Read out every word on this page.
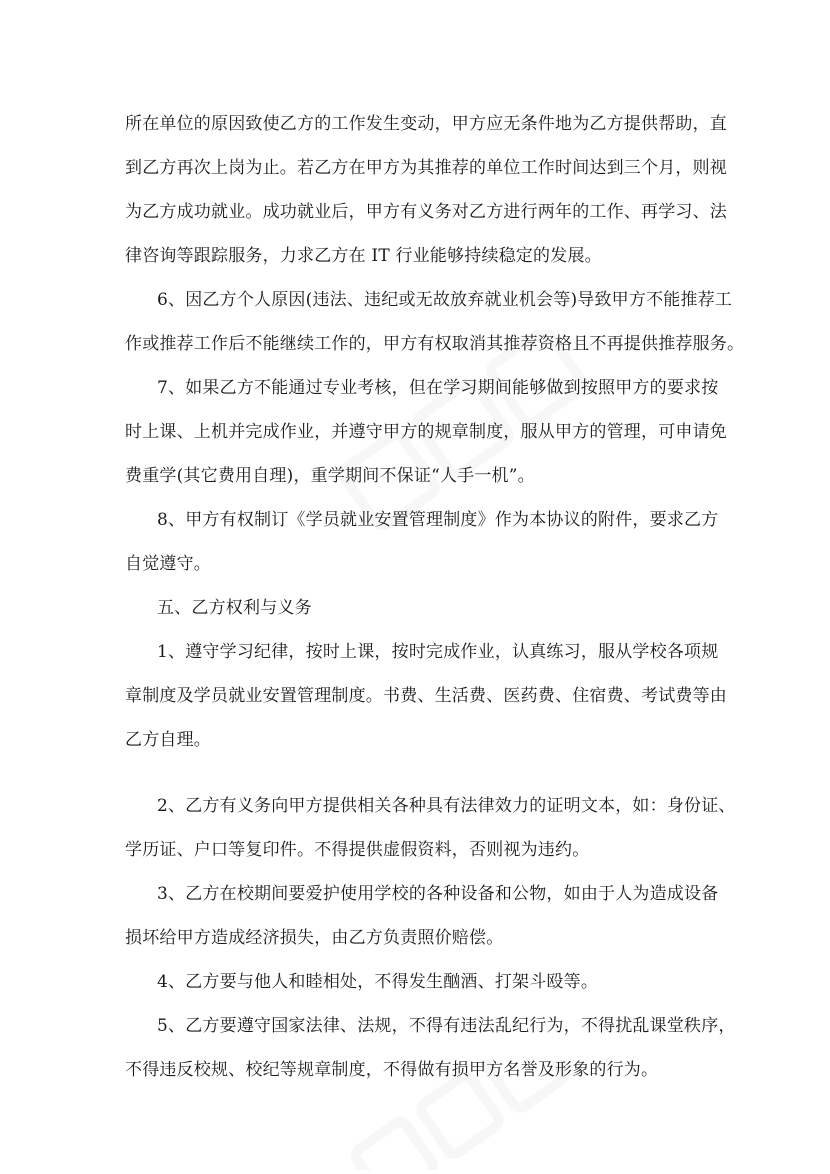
所在单位的原因致使乙方的工作发生变动，甲方应无条件地为乙方提供帮助，直
到乙方再次上岗为止。若乙方在甲方为其推荐的单位工作时间达到三个月，则视
为乙方成功就业。成功就业后，甲方有义务对乙方进行两年的工作、再学习、法
律咨询等跟踪服务，力求乙方在 IT 行业能够持续稳定的发展。
6、因乙方个人原因(违法、违纪或无故放弃就业机会等)导致甲方不能推荐工
作或推荐工作后不能继续工作的，甲方有权取消其推荐资格且不再提供推荐服务。
7、如果乙方不能通过专业考核，但在学习期间能够做到按照甲方的要求按
时上课、上机并完成作业，并遵守甲方的规章制度，服从甲方的管理，可申请免
费重学(其它费用自理)，重学期间不保证“人手一机”。
8、甲方有权制订《学员就业安置管理制度》作为本协议的附件，要求乙方
自觉遵守。
五、乙方权利与义务
1、遵守学习纪律，按时上课，按时完成作业，认真练习，服从学校各项规
章制度及学员就业安置管理制度。书费、生活费、医药费、住宿费、考试费等由
乙方自理。
2、乙方有义务向甲方提供相关各种具有法律效力的证明文本，如：身份证、
学历证、户口等复印件。不得提供虚假资料，否则视为违约。
3、乙方在校期间要爱护使用学校的各种设备和公物，如由于人为造成设备
损坏给甲方造成经济损失，由乙方负责照价赔偿。
4、乙方要与他人和睦相处，不得发生酗酒、打架斗殴等。
5、乙方要遵守国家法律、法规，不得有违法乱纪行为，不得扰乱课堂秩序，
不得违反校规、校纪等规章制度，不得做有损甲方名誉及形象的行为。
